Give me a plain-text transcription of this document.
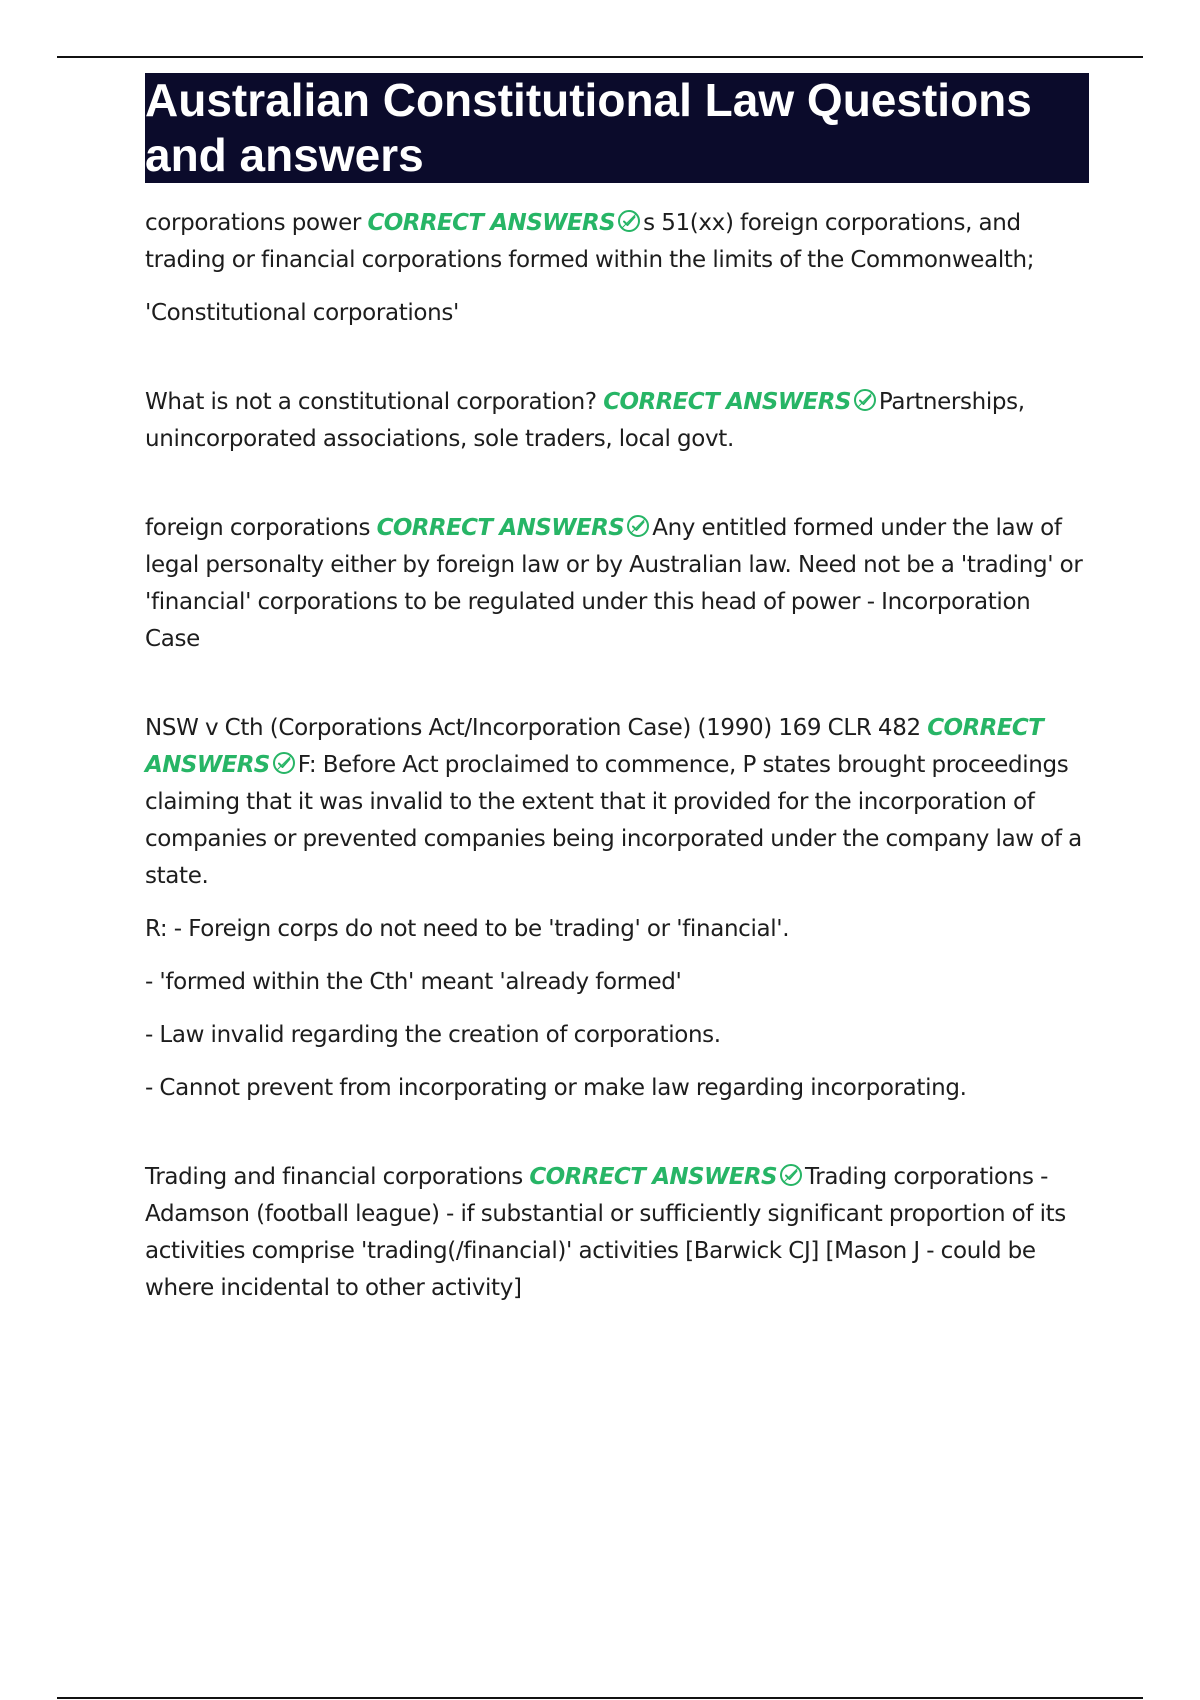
Australian Constitutional Law Questions
and answers

corporations power CORRECT ANSWERS s 51(xx) foreign corporations, and trading or financial corporations formed within the limits of the Commonwealth;

'Constitutional corporations'

What is not a constitutional corporation? CORRECT ANSWERS Partnerships, unincorporated associations, sole traders, local govt.

foreign corporations CORRECT ANSWERS Any entitled formed under the law of legal personalty either by foreign law or by Australian law. Need not be a 'trading' or 'financial' corporations to be regulated under this head of power - Incorporation Case

NSW v Cth (Corporations Act/Incorporation Case) (1990) 169 CLR 482 CORRECT ANSWERS F: Before Act proclaimed to commence, P states brought proceedings claiming that it was invalid to the extent that it provided for the incorporation of companies or prevented companies being incorporated under the company law of a state.

R: - Foreign corps do not need to be 'trading' or 'financial'.

- 'formed within the Cth' meant 'already formed'

- Law invalid regarding the creation of corporations.

- Cannot prevent from incorporating or make law regarding incorporating.

Trading and financial corporations CORRECT ANSWERS Trading corporations - Adamson (football league) - if substantial or sufficiently significant proportion of its activities comprise 'trading(/financial)' activities [Barwick CJ] [Mason J - could be where incidental to other activity]
